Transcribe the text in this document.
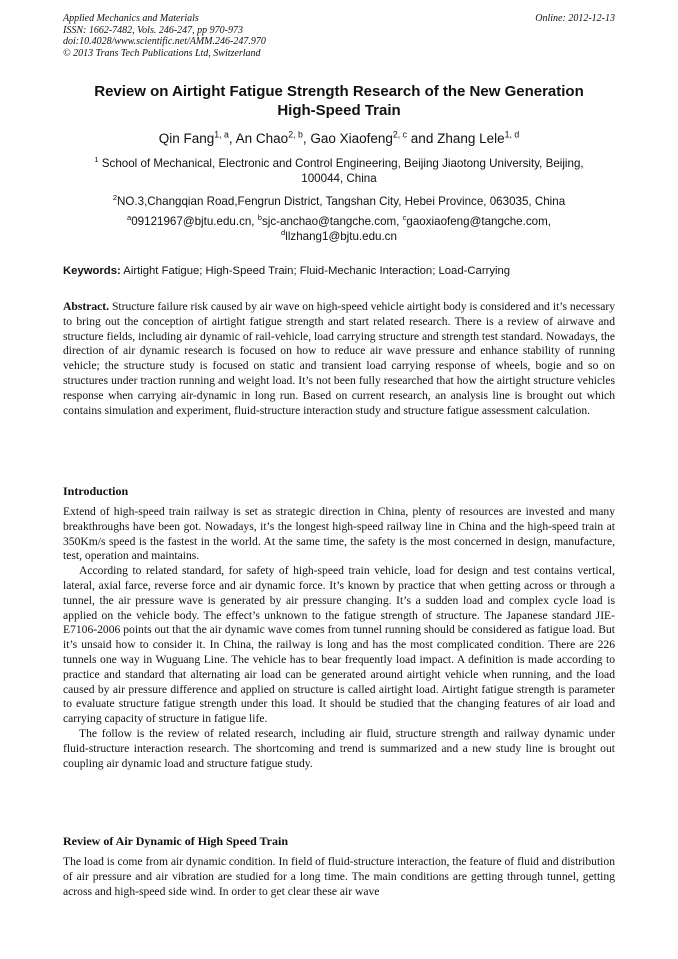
Applied Mechanics and Materials
ISSN: 1662-7482, Vols. 246-247, pp 970-973
doi:10.4028/www.scientific.net/AMM.246-247.970
© 2013 Trans Tech Publications Ltd, Switzerland
Online: 2012-12-13
Review on Airtight Fatigue Strength Research of the New Generation
High-Speed Train
Qin Fang$^{1, a}$, An Chao$^{2, b}$, Gao Xiaofeng$^{2, c}$ and Zhang Lele$^{1, d}$
$^1$ School of Mechanical, Electronic and Control Engineering, Beijing Jiaotong University, Beijing,
100044, China
$^2$NO.3,Changqian Road,Fengrun District, Tangshan City, Hebei Province, 063035, China
$^a$09121967@bjtu.edu.cn, $^b$sjc-anchao@tangche.com, $^c$gaoxiaofeng@tangche.com,
$^d$llzhang1@bjtu.edu.cn
Keywords: Airtight Fatigue; High-Speed Train; Fluid-Mechanic Interaction; Load-Carrying

Abstract. Structure failure risk caused by air wave on high-speed vehicle airtight body is considered and it’s necessary to bring out the conception of airtight fatigue strength and start related research. There is a review of airwave and structure fields, including air dynamic of rail-vehicle, load carrying structure and strength test standard. Nowadays, the direction of air dynamic research is focused on how to reduce air wave pressure and enhance stability of running vehicle; the structure study is focused on static and transient load carrying response of wheels, bogie and so on structures under traction running and weight load. It’s not been fully researched that how the airtight structure vehicles response when carrying air-dynamic in long run. Based on current research, an analysis line is brought out which contains simulation and experiment, fluid-structure interaction study and structure fatigue assessment calculation.

Introduction

Extend of high-speed train railway is set as strategic direction in China, plenty of resources are invested and many breakthroughs have been got. Nowadays, it’s the longest high-speed railway line in China and the high-speed train at 350Km/s speed is the fastest in the world. At the same time, the safety is the most concerned in design, manufacture, test, operation and maintains.

According to related standard, for safety of high-speed train vehicle, load for design and test contains vertical, lateral, axial farce, reverse force and air dynamic force. It’s known by practice that when getting across or through a tunnel, the air pressure wave is generated by air pressure changing. It’s a sudden load and complex cycle load is applied on the vehicle body. The effect’s unknown to the fatigue strength of structure. The Japanese standard JIE-E7106-2006 points out that the air dynamic wave comes from tunnel running should be considered as fatigue load. But it’s unsaid how to consider it. In China, the railway is long and has the most complicated condition. There are 226 tunnels one way in Wuguang Line. The vehicle has to bear frequently load impact. A definition is made according to practice and standard that alternating air load can be generated around airtight vehicle when running, and the load caused by air pressure difference and applied on structure is called airtight load. Airtight fatigue strength is parameter to evaluate structure fatigue strength under this load. It should be studied that the changing features of air load and carrying capacity of structure in fatigue life.

The follow is the review of related research, including air fluid, structure strength and railway dynamic under fluid-structure interaction research. The shortcoming and trend is summarized and a new study line is brought out coupling air dynamic load and structure fatigue study.

Review of Air Dynamic of High Speed Train

The load is come from air dynamic condition. In field of fluid-structure interaction, the feature of fluid and distribution of air pressure and air vibration are studied for a long time. The main conditions are getting through tunnel, getting across and high-speed side wind. In order to get clear these air wave
